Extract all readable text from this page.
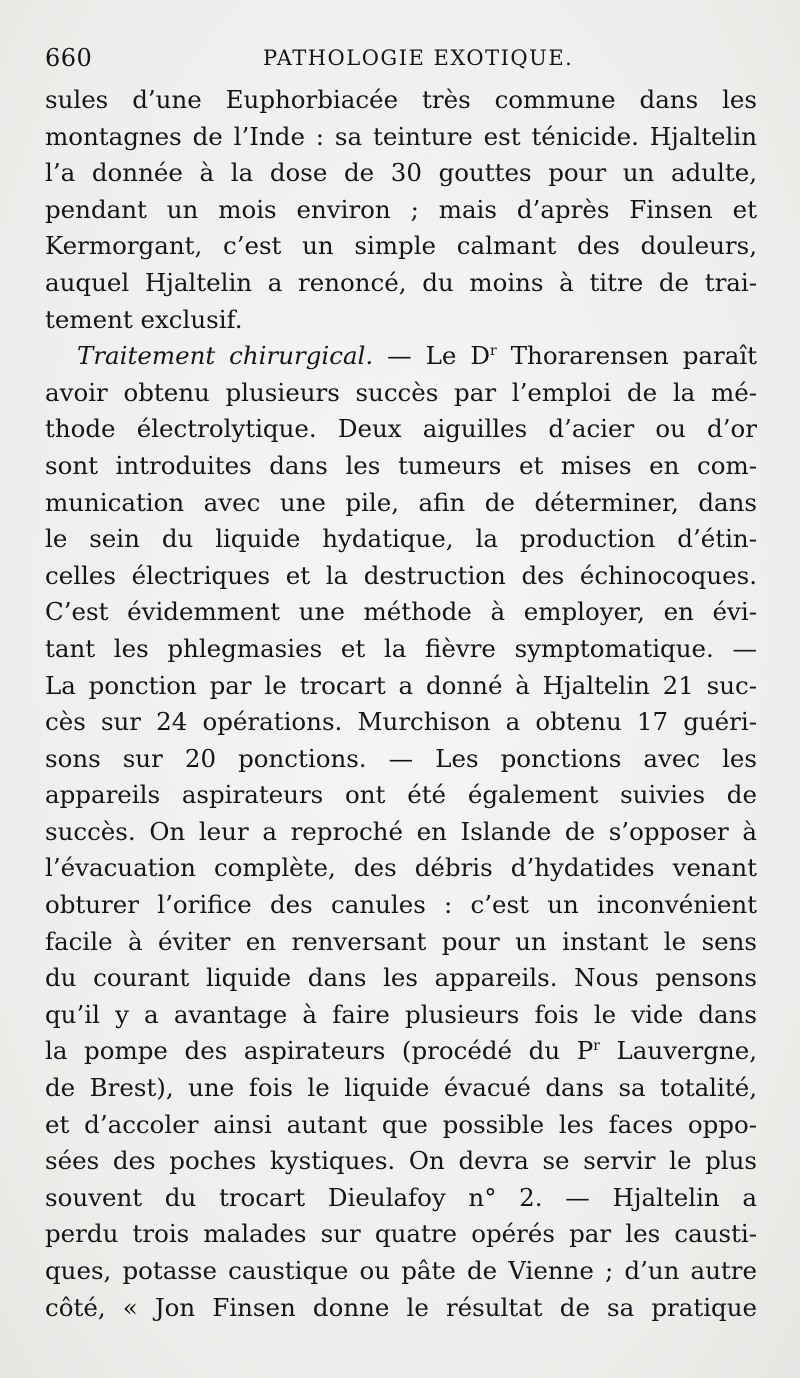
660	PATHOLOGIE EXOTIQUE.
sules d’une Euphorbiacée très commune dans les
montagnes de l’Inde : sa teinture est ténicide. Hjaltelin
l’a donnée à la dose de 30 gouttes pour un adulte,
pendant un mois environ ; mais d’après Finsen et
Kermorgant, c’est un simple calmant des douleurs,
auquel Hjaltelin a renoncé, du moins à titre de trai-
tement exclusif.
Traitement chirurgical. — Le $D^r$ Thorarensen paraît
avoir obtenu plusieurs succès par l’emploi de la mé-
thode électrolytique. Deux aiguilles d’acier ou d’or
sont introduites dans les tumeurs et mises en com-
munication avec une pile, afin de déterminer, dans
le sein du liquide hydatique, la production d’étin-
celles électriques et la destruction des échinocoques.
C’est évidemment une méthode à employer, en évi-
tant les phlegmasies et la fièvre symptomatique. —
La ponction par le trocart a donné à Hjaltelin 21 suc-
cès sur 24 opérations. Murchison a obtenu 17 guéri-
sons sur 20 ponctions. — Les ponctions avec les
appareils aspirateurs ont été également suivies de
succès. On leur a reproché en Islande de s’opposer à
l’évacuation complète, des débris d’hydatides venant
obturer l’orifice des canules : c’est un inconvénient
facile à éviter en renversant pour un instant le sens
du courant liquide dans les appareils. Nous pensons
qu’il y a avantage à faire plusieurs fois le vide dans
la pompe des aspirateurs (procédé du $P^r$ Lauvergne,
de Brest), une fois le liquide évacué dans sa totalité,
et d’accoler ainsi autant que possible les faces oppo-
sées des poches kystiques. On devra se servir le plus
souvent du trocart Dieulafoy n° 2. — Hjaltelin a
perdu trois malades sur quatre opérés par les causti-
ques, potasse caustique ou pâte de Vienne ; d’un autre
côté, « Jon Finsen donne le résultat de sa pratique
